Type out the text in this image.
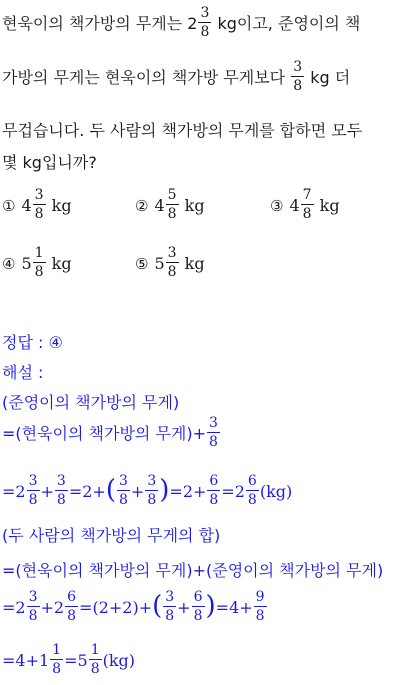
현욱이의 책가방의 무게는 $2 \frac{3}{8}$ kg이고, 준영이의 책
가방의 무게는 현욱이의 책가방 무게보다 $\frac{3}{8}$ kg 더
무겁습니다. 두 사람의 책가방의 무게를 합하면 모두
몇 kg입니까?
① $4 \frac{3}{8}$ kg	② $4 \frac{5}{8}$ kg	③ $4 \frac{7}{8}$ kg
④ $5 \frac{1}{8}$ kg	⑤ $5 \frac{3}{8}$ kg
정답 : ④
해설 :
(준영이의 책가방의 무게)
=(현욱이의 책가방의 무게)+ $\frac{3}{8}$
$=2 \frac{3}{8} + \frac{3}{8} =2+( \frac{3}{8} + \frac{3}{8} )=2+ \frac{6}{8} =2 \frac{6}{8} (kg)$
(두 사람의 책가방의 무게의 합)
=(현욱이의 책가방의 무게)+(준영이의 책가방의 무게)
$=2 \frac{3}{8} +2 \frac{6}{8} =(2+2)+( \frac{3}{8} + \frac{6}{8} )=4+ \frac{9}{8}$
$=4+1 \frac{1}{8} =5 \frac{1}{8} (kg)$
